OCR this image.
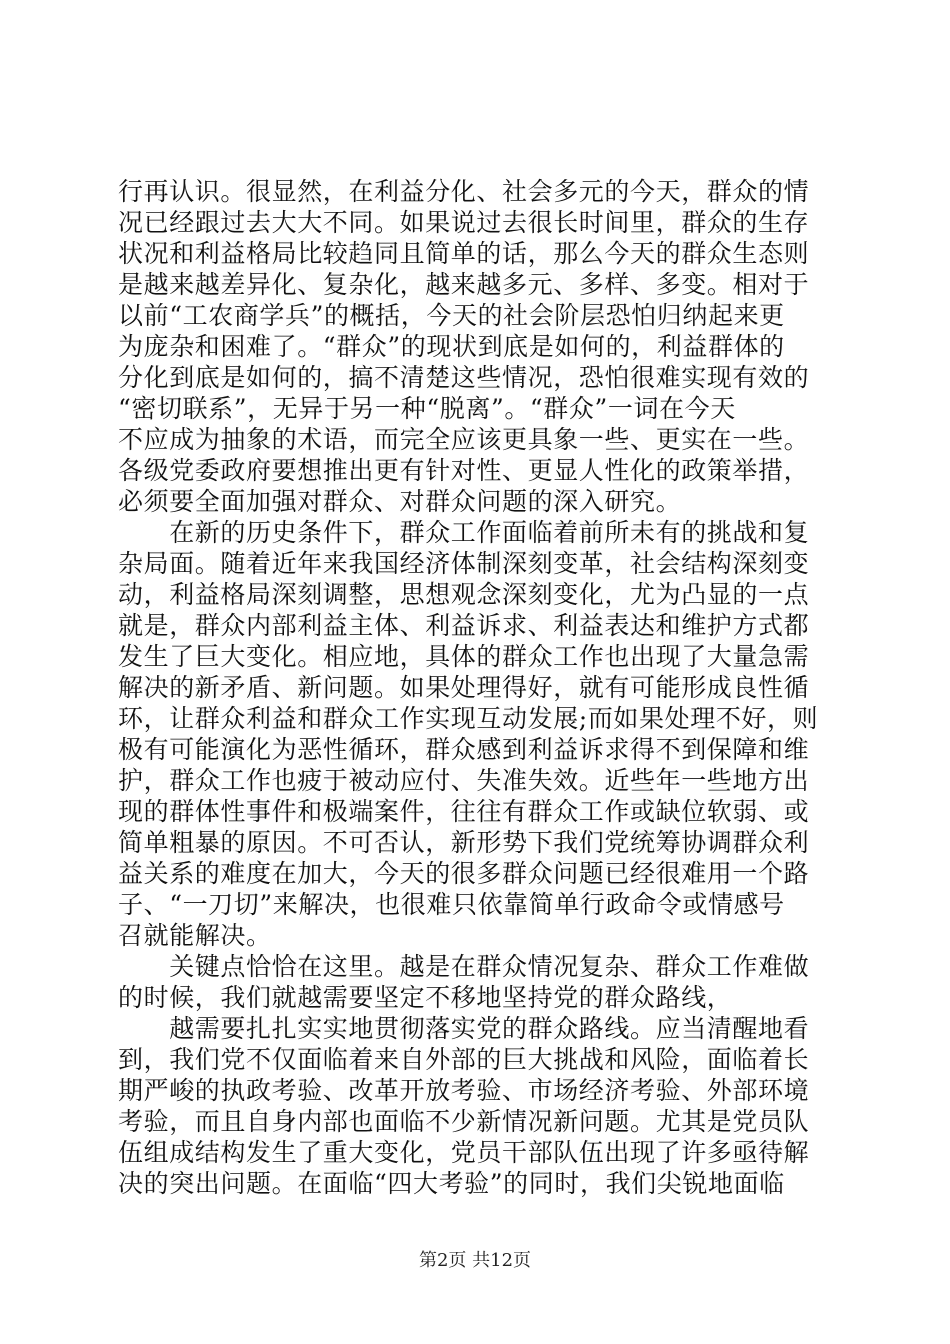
行再认识。很显然，在利益分化、社会多元的今天，群众的情
况已经跟过去大大不同。如果说过去很长时间里，群众的生存
状况和利益格局比较趋同且简单的话，那么今天的群众生态则
是越来越差异化、复杂化，越来越多元、多样、多变。相对于
以前“工农商学兵”的概括，今天的社会阶层恐怕归纳起来更
为庞杂和困难了。“群众”的现状到底是如何的，利益群体的
分化到底是如何的，搞不清楚这些情况，恐怕很难实现有效的
“密切联系”，无异于另一种“脱离”。“群众”一词在今天
不应成为抽象的术语，而完全应该更具象一些、更实在一些。
各级党委政府要想推出更有针对性、更显人性化的政策举措，
必须要全面加强对群众、对群众问题的深入研究。
　　在新的历史条件下，群众工作面临着前所未有的挑战和复
杂局面。随着近年来我国经济体制深刻变革，社会结构深刻变
动，利益格局深刻调整，思想观念深刻变化，尤为凸显的一点
就是，群众内部利益主体、利益诉求、利益表达和维护方式都
发生了巨大变化。相应地，具体的群众工作也出现了大量急需
解决的新矛盾、新问题。如果处理得好，就有可能形成良性循
环，让群众利益和群众工作实现互动发展;而如果处理不好，则
极有可能演化为恶性循环，群众感到利益诉求得不到保障和维
护，群众工作也疲于被动应付、失准失效。近些年一些地方出
现的群体性事件和极端案件，往往有群众工作或缺位软弱、或
简单粗暴的原因。不可否认，新形势下我们党统筹协调群众利
益关系的难度在加大，今天的很多群众问题已经很难用一个路
子、“一刀切”来解决，也很难只依靠简单行政命令或情感号
召就能解决。
　　关键点恰恰在这里。越是在群众情况复杂、群众工作难做
的时候，我们就越需要坚定不移地坚持党的群众路线，
　　越需要扎扎实实地贯彻落实党的群众路线。应当清醒地看
到，我们党不仅面临着来自外部的巨大挑战和风险，面临着长
期严峻的执政考验、改革开放考验、市场经济考验、外部环境
考验，而且自身内部也面临不少新情况新问题。尤其是党员队
伍组成结构发生了重大变化，党员干部队伍出现了许多亟待解
决的突出问题。在面临“四大考验”的同时，我们尖锐地面临
第2页 共12页
